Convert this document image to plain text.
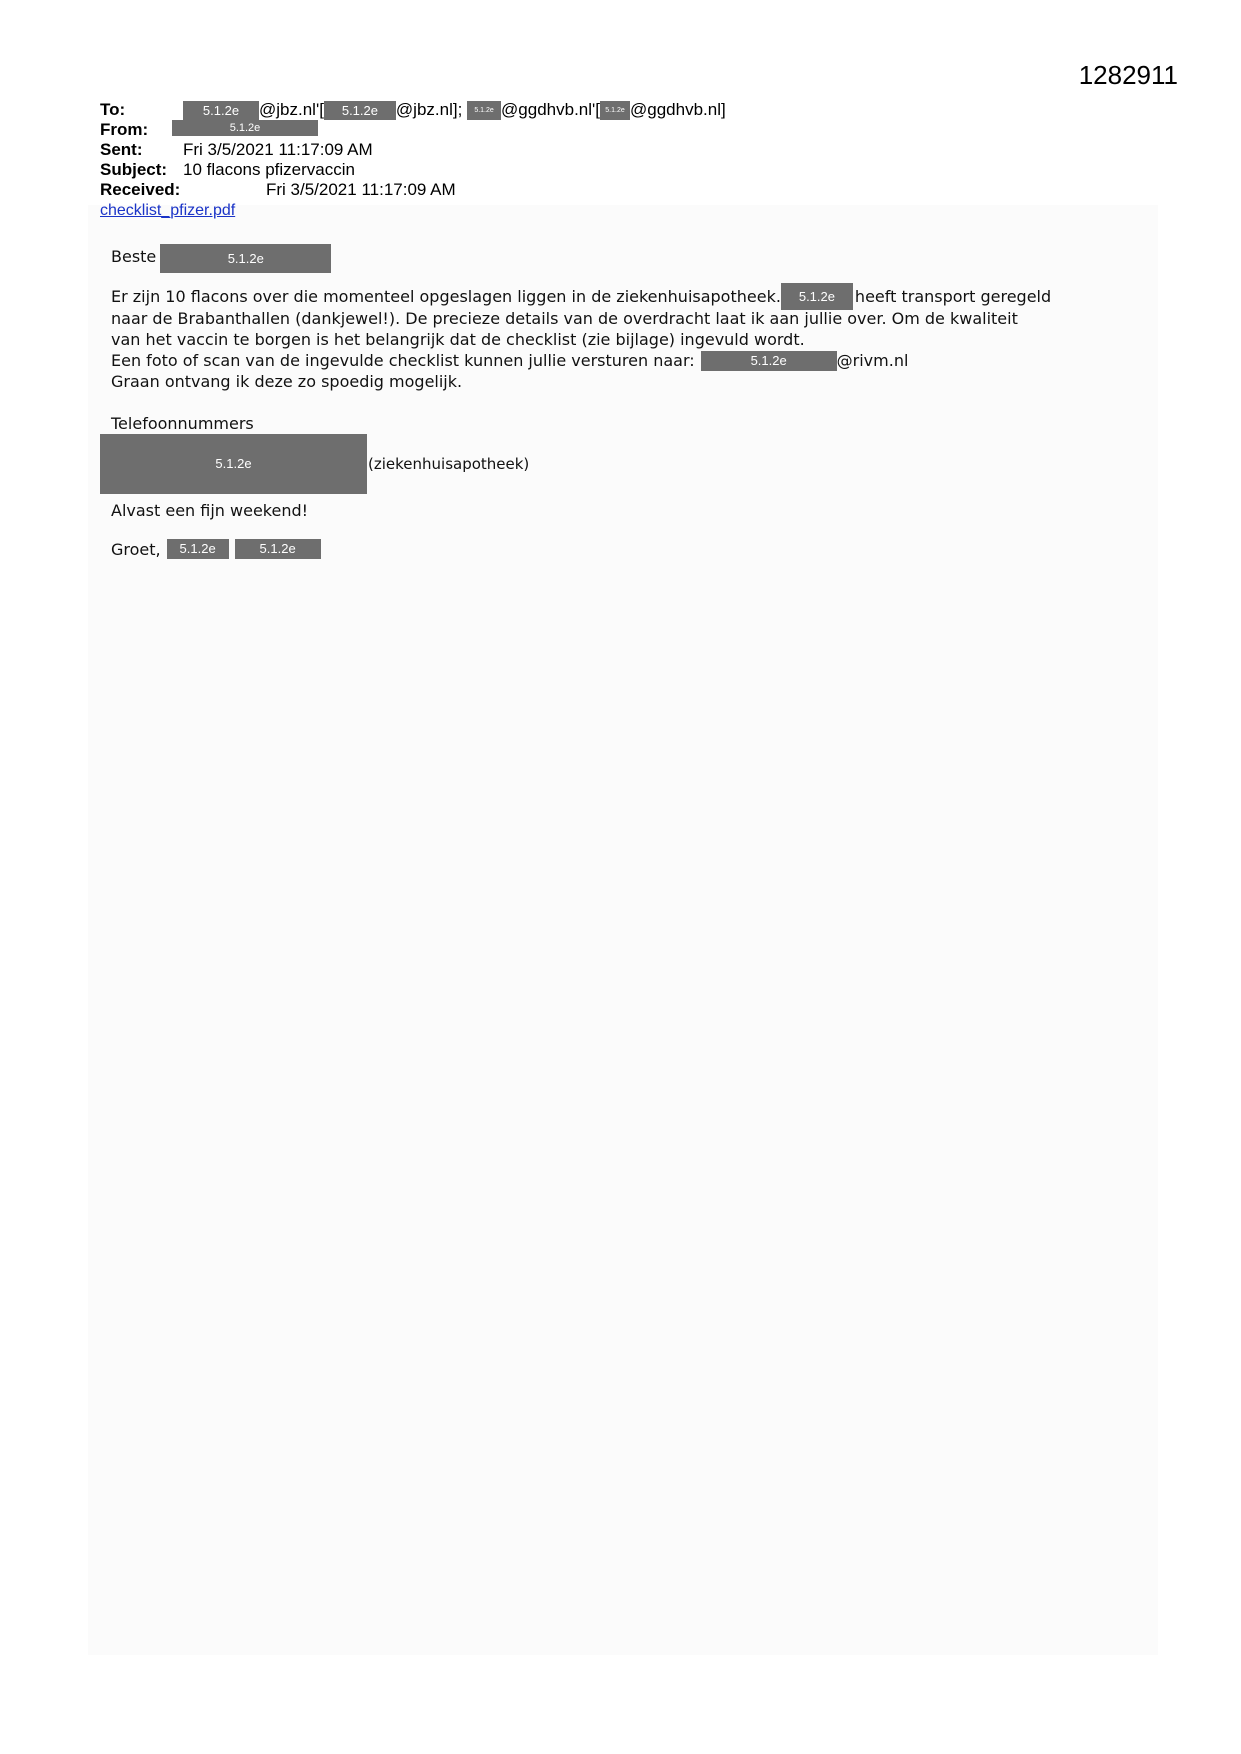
1282911
To:	5.1.2e	@jbz.nl'[	5.1.2e	@jbz.nl];	5.1.2e @ggdhvb.nl'[ 5.1.2e @ggdhvb.nl]
From:	5.1.2e
Sent: Fri 3/5/2021 11:17:09 AM
Subject: 10 flacons pfizervaccin
Received:	Fri 3/5/2021 11:17:09 AM
checklist_pfizer.pdf
Beste	5.1.2e
Er zijn 10 flacons over die momenteel opgeslagen liggen in de ziekenhuisapotheek.	5.1.2e	heeft transport geregeld

naar de Brabanthallen (dankjewel!). De precieze details van de overdracht laat ik aan jullie over. Om de kwaliteit

van het vaccin te borgen is het belangrijk dat de checklist (zie bijlage) ingevuld wordt.

Een foto of scan van de ingevulde checklist kunnen jullie versturen naar:	5.1.2e	@rivm.nl

Graan ontvang ik deze zo spoedig mogelijk.

Telefoonnummers

5.1.2e	(ziekenhuisapotheek)

Alvast een fijn weekend!

Groet,	5.1.2e	5.1.2e
